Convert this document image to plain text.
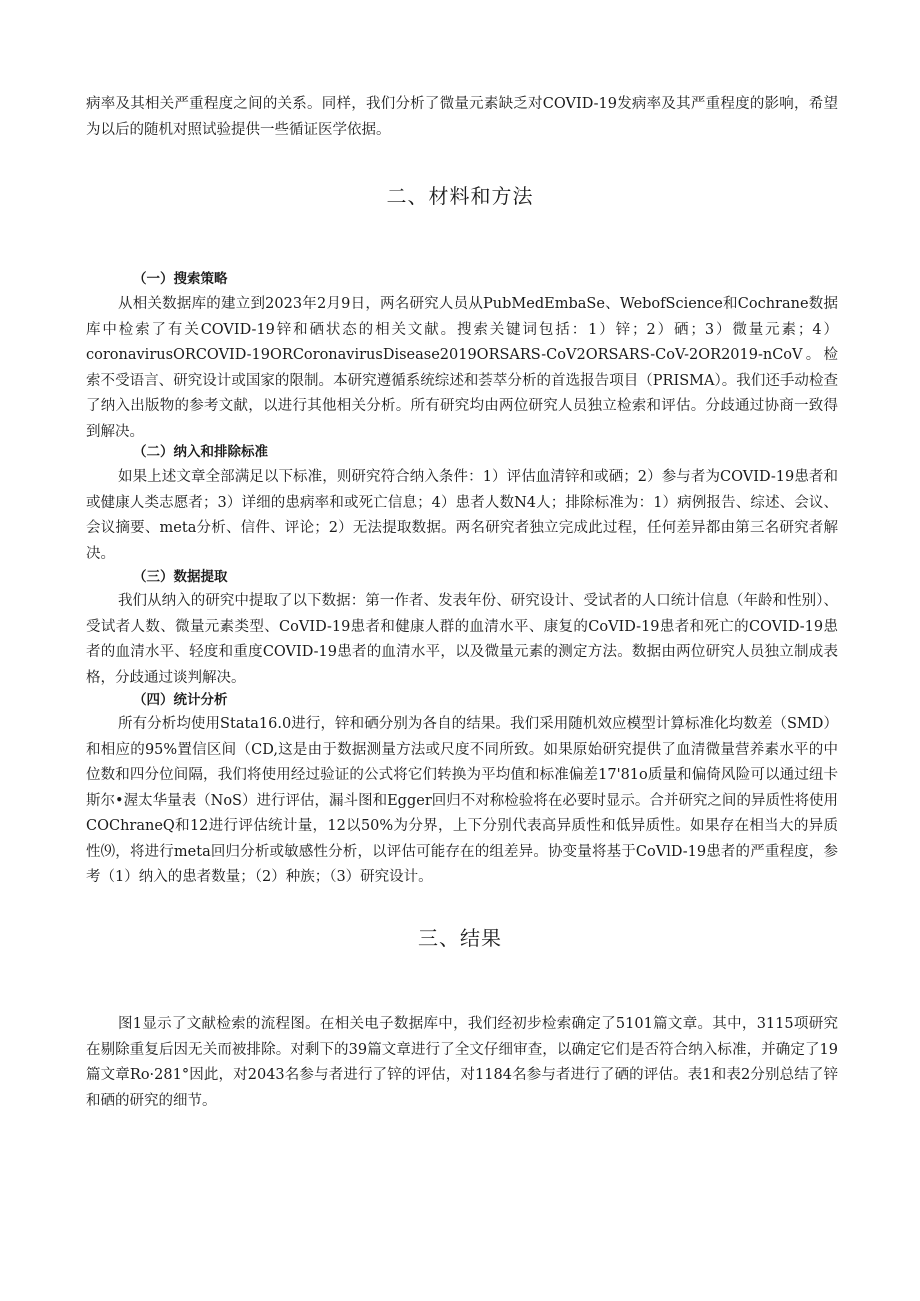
病率及其相关严重程度之间的关系。同样，我们分析了微量元素缺乏对COVID-19发病率及其严重程度的影响，希望为以后的随机对照试验提供一些循证医学依据。

二、材料和方法
（一）搜索策略

从相关数据库的建立到2023年2月9日，两名研究人员从PubMedEmbaSe、WebofScience和Cochrane数据库中检索了有关COVID-19锌和硒状态的相关文献。搜索关键词包括：1）锌；2）硒；3）微量元素；4）coronavirusORCOVID-19ORCoronavirusDisease2019ORSARS-CoV2ORSARS-CoV-2OR2019-nCoV。检索不受语言、研究设计或国家的限制。本研究遵循系统综述和荟萃分析的首选报告项目（PRISMA）。我们还手动检查了纳入出版物的参考文献，以进行其他相关分析。所有研究均由两位研究人员独立检索和评估。分歧通过协商一致得到解决。

（二）纳入和排除标准

如果上述文章全部满足以下标准，则研究符合纳入条件：1）评估血清锌和或硒；2）参与者为COVID-19患者和或健康人类志愿者；3）详细的患病率和或死亡信息；4）患者人数N4人；排除标准为：1）病例报告、综述、会议、会议摘要、meta分析、信件、评论；2）无法提取数据。两名研究者独立完成此过程，任何差异都由第三名研究者解决。

（三）数据提取

我们从纳入的研究中提取了以下数据：第一作者、发表年份、研究设计、受试者的人口统计信息（年龄和性别）、受试者人数、微量元素类型、CoVID-19患者和健康人群的血清水平、康复的CoVID-19患者和死亡的COVID-19患者的血清水平、轻度和重度COVID-19患者的血清水平，以及微量元素的测定方法。数据由两位研究人员独立制成表格，分歧通过谈判解决。

（四）统计分析

所有分析均使用Stata16.0进行，锌和硒分别为各自的结果。我们采用随机效应模型计算标准化均数差（SMD）和相应的95%置信区间（CD,这是由于数据测量方法或尺度不同所致。如果原始研究提供了血清微量营养素水平的中位数和四分位间隔，我们将使用经过验证的公式将它们转换为平均值和标准偏差17'81o质量和偏倚风险可以通过纽卡斯尔•渥太华量表（NoS）进行评估，漏斗图和Egger回归不对称检验将在必要时显示。合并研究之间的异质性将使用COChraneQ和12进行评估统计量，12以50%为分界，上下分别代表高异质性和低异质性。如果存在相当大的异质性⑼，将进行meta回归分析或敏感性分析，以评估可能存在的组差异。协变量将基于CoVlD-19患者的严重程度，参考（1）纳入的患者数量；（2）种族；（3）研究设计。

三、结果

图1显示了文献检索的流程图。在相关电子数据库中，我们经初步检索确定了5101篇文章。其中，3115项研究在剔除重复后因无关而被排除。对剩下的39篇文章进行了全文仔细审查，以确定它们是否符合纳入标准，并确定了19篇文章Ro·281°因此，对2043名参与者进行了锌的评估，对1184名参与者进行了硒的评估。表1和表2分别总结了锌和硒的研究的细节。
